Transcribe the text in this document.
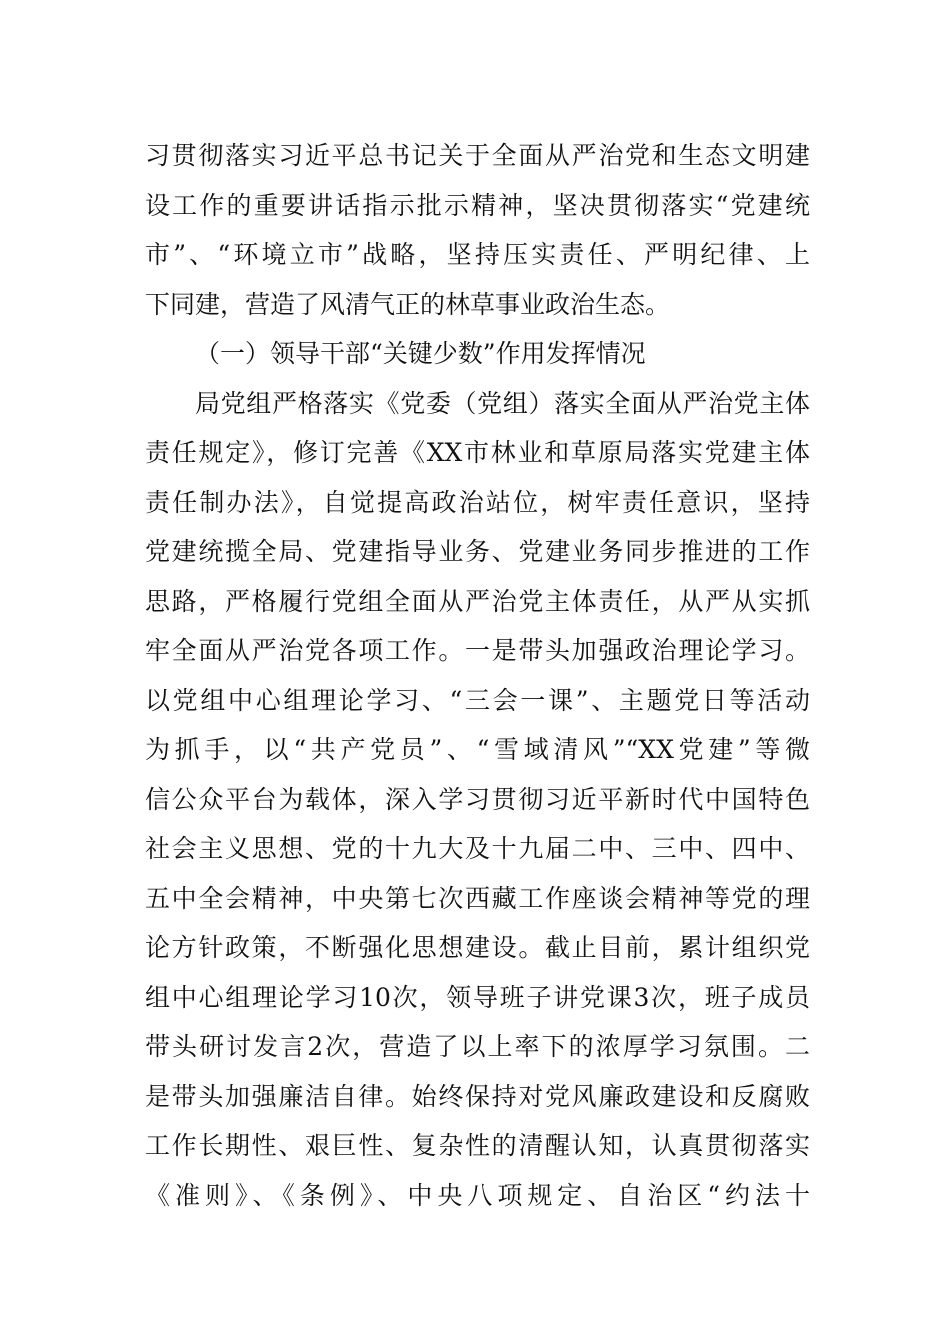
习贯彻落实习近平总书记关于全面从严治党和生态文明建
设工作的重要讲话指示批示精神，坚决贯彻落实“党建统
市”、“环境立市”战略，坚持压实责任、严明纪律、上
下同建，营造了风清气正的林草事业政治生态。
（一）领导干部“关键少数”作用发挥情况
局党组严格落实《党委（党组）落实全面从严治党主体
责任规定》，修订完善《XX市林业和草原局落实党建主体
责任制办法》，自觉提高政治站位，树牢责任意识，坚持
党建统揽全局、党建指导业务、党建业务同步推进的工作
思路，严格履行党组全面从严治党主体责任，从严从实抓
牢全面从严治党各项工作。一是带头加强政治理论学习。
以党组中心组理论学习、“三会一课”、主题党日等活动
为抓手，以“共产党员”、“雪域清风”“XX党建”等微
信公众平台为载体，深入学习贯彻习近平新时代中国特色
社会主义思想、党的十九大及十九届二中、三中、四中、
五中全会精神，中央第七次西藏工作座谈会精神等党的理
论方针政策，不断强化思想建设。截止目前，累计组织党
组中心组理论学习10次，领导班子讲党课3次，班子成员
带头研讨发言2次，营造了以上率下的浓厚学习氛围。二
是带头加强廉洁自律。始终保持对党风廉政建设和反腐败
工作长期性、艰巨性、复杂性的清醒认知，认真贯彻落实
《准则》、《条例》、中央八项规定、自治区“约法十
